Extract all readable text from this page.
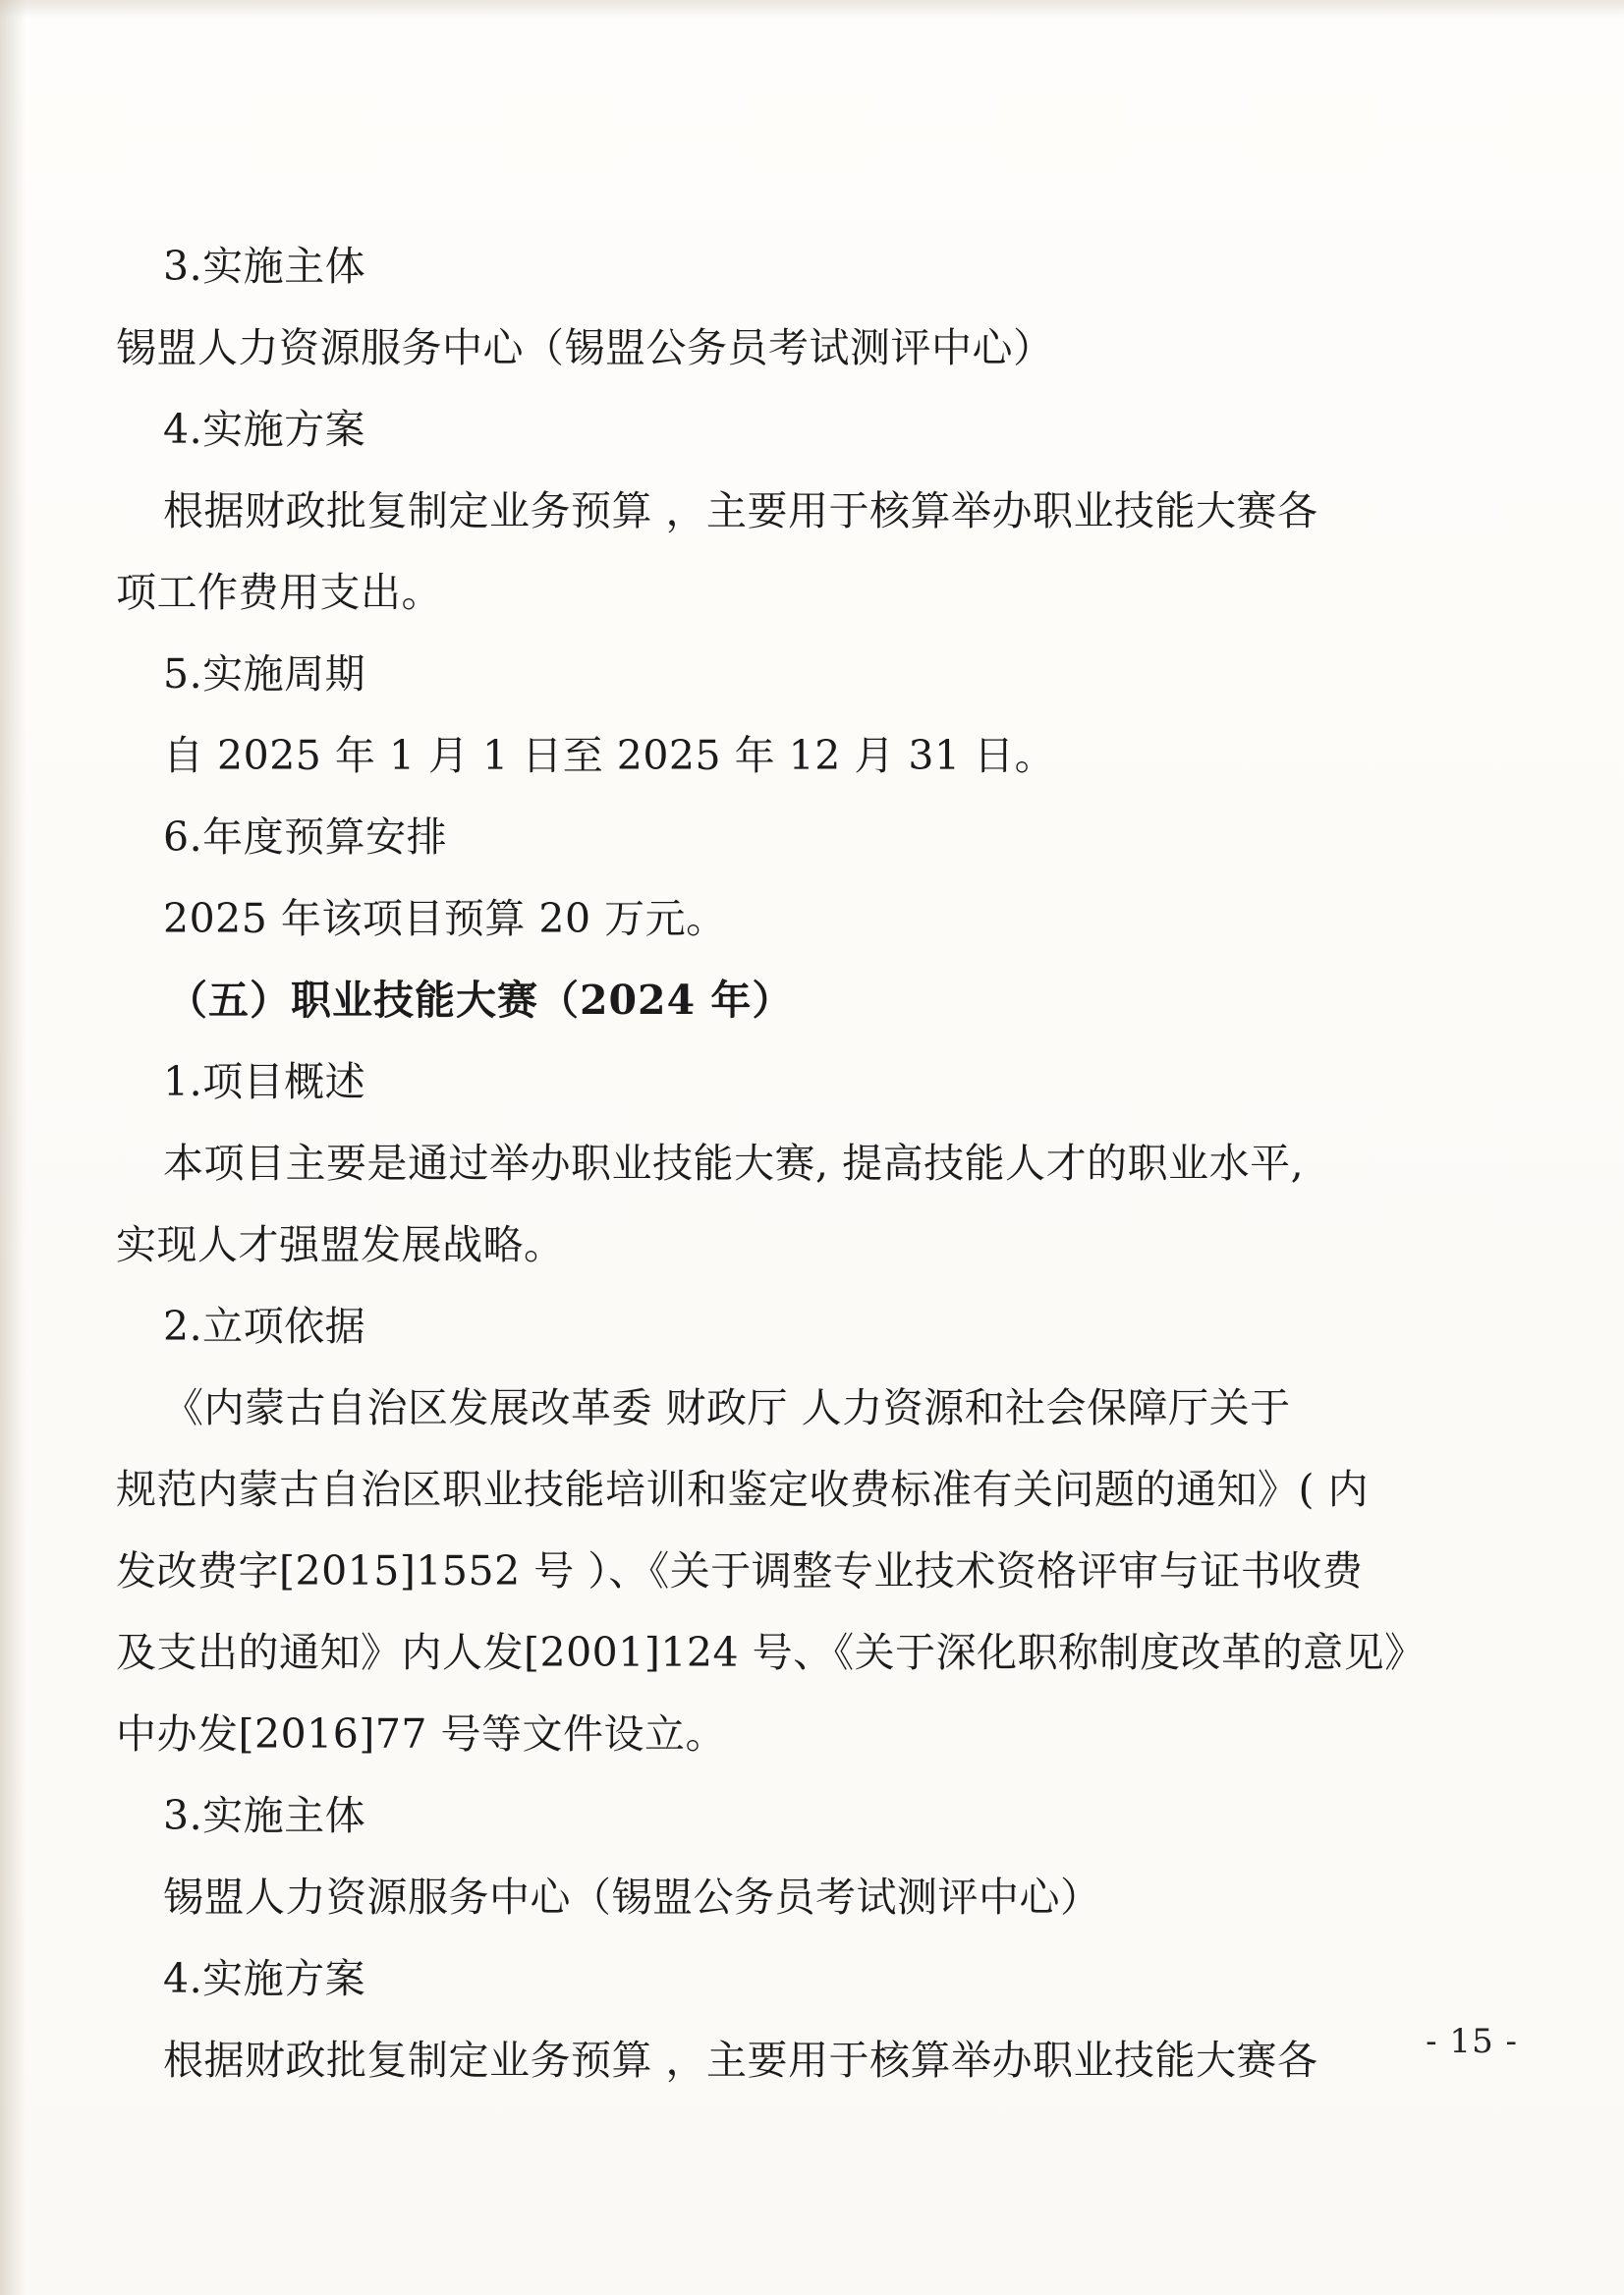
3.实施主体
锡盟人力资源服务中心（锡盟公务员考试测评中心）
4.实施方案
根据财政批复制定业务预算 ，主要用于核算举办职业技能大赛各
项工作费用支出。
5.实施周期
自 2025 年 1 月 1 日至 2025 年 12 月 31 日。
6.年度预算安排
2025 年该项目预算 20 万元。
（五）职业技能大赛（2024 年）
1.项目概述
本项目主要是通过举办职业技能大赛, 提高技能人才的职业水平,
实现人才强盟发展战略。
2.立项依据
《内蒙古自治区发展改革委 财政厅 人力资源和社会保障厅关于
规范内蒙古自治区职业技能培训和鉴定收费标准有关问题的通知》( 内
发改费字[2015]1552 号 ）、《关于调整专业技术资格评审与证书收费
及支出的通知》内人发[2001]124 号、《关于深化职称制度改革的意见》
中办发[2016]77 号等文件设立。
3.实施主体
锡盟人力资源服务中心（锡盟公务员考试测评中心）
4.实施方案
根据财政批复制定业务预算 ，主要用于核算举办职业技能大赛各	- 15 -
